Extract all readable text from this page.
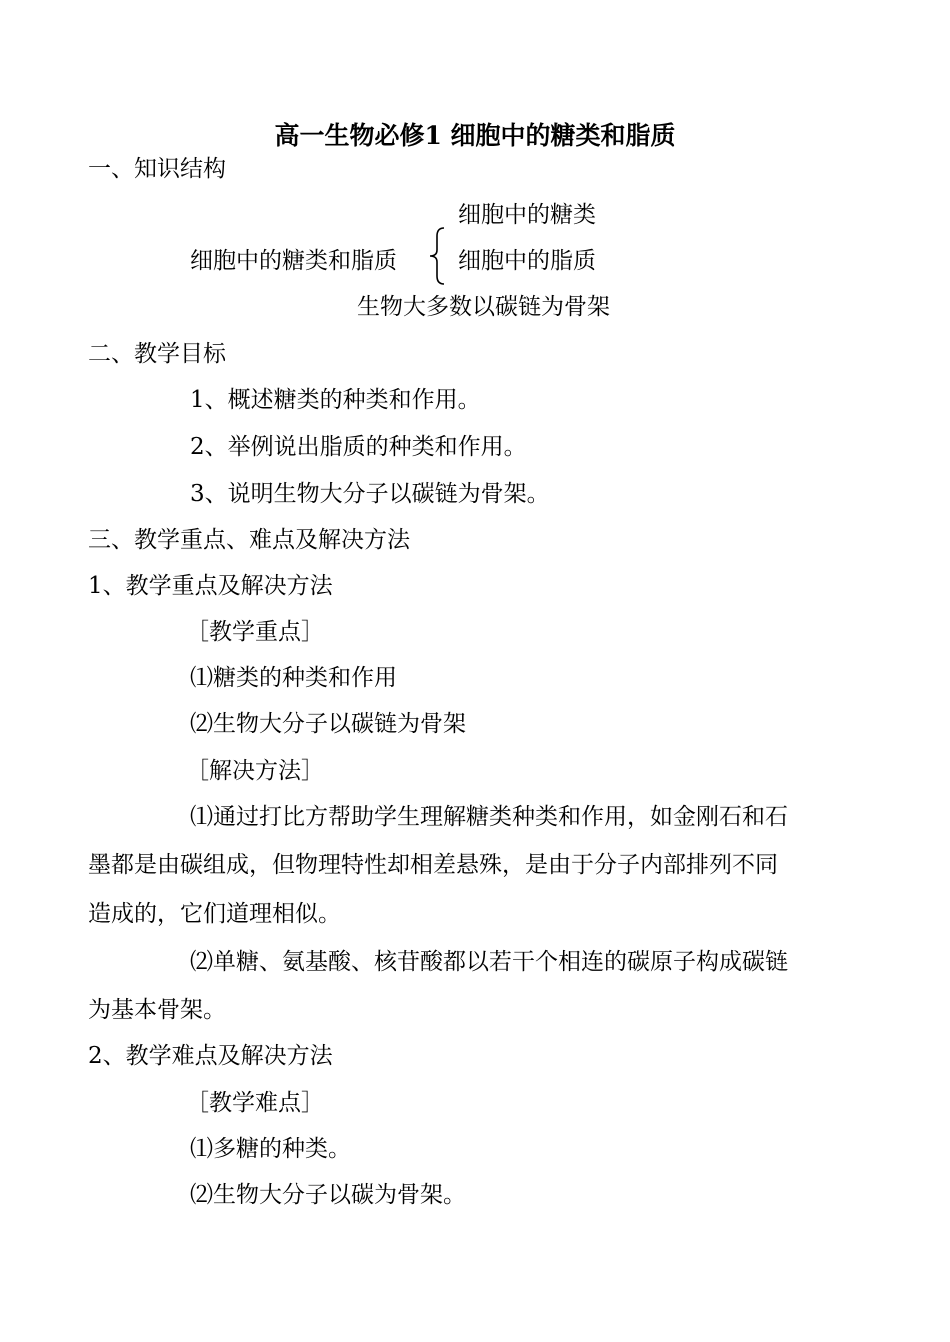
高一生物必修1 细胞中的糖类和脂质
一、知识结构
细胞中的糖类和脂质
细胞中的糖类
细胞中的脂质
生物大多数以碳链为骨架
二、教学目标
1、概述糖类的种类和作用。
2、举例说出脂质的种类和作用。
3、说明生物大分子以碳链为骨架。
三、教学重点、难点及解决方法
1、教学重点及解决方法
［教学重点］
⑴糖类的种类和作用
⑵生物大分子以碳链为骨架
［解决方法］
⑴通过打比方帮助学生理解糖类种类和作用，如金刚石和石
墨都是由碳组成，但物理特性却相差悬殊，是由于分子内部排列不同
造成的，它们道理相似。
⑵单糖、氨基酸、核苷酸都以若干个相连的碳原子构成碳链
为基本骨架。
2、教学难点及解决方法
［教学难点］
⑴多糖的种类。
⑵生物大分子以碳为骨架。
